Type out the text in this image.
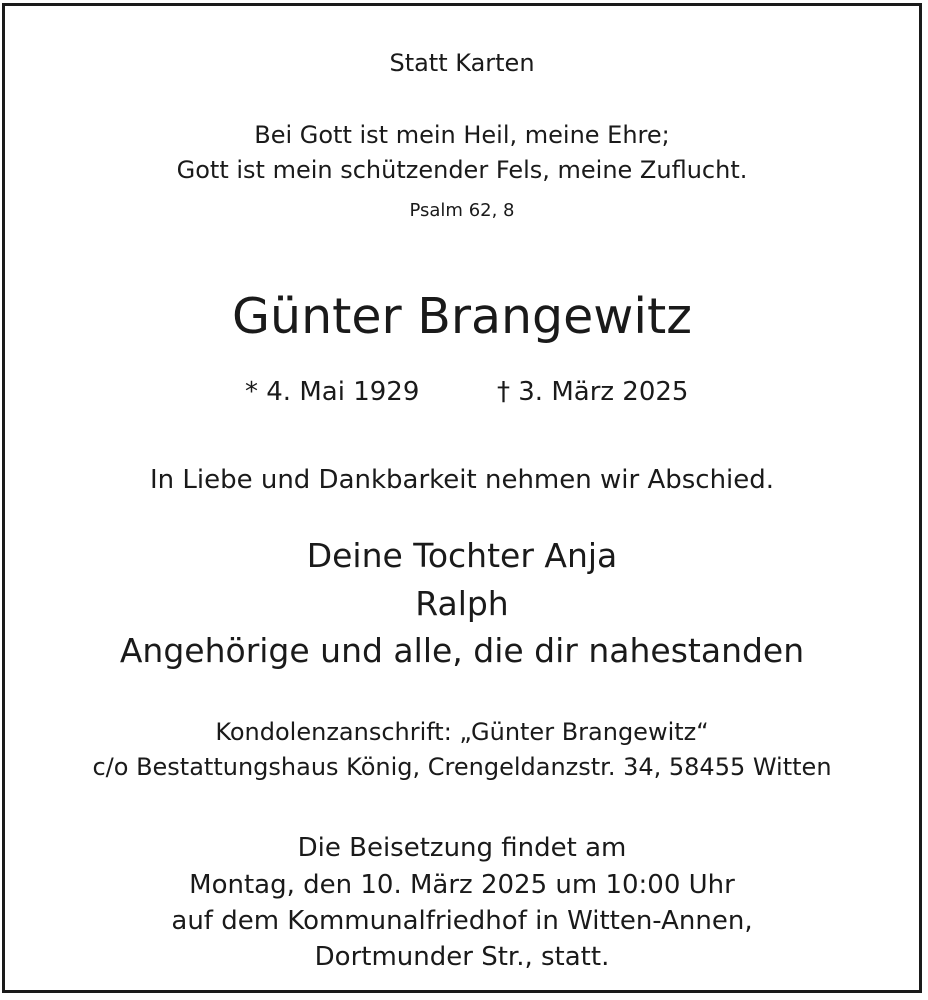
Statt Karten
Bei Gott ist mein Heil, meine Ehre;
Gott ist mein schützender Fels, meine Zuflucht.
Psalm 62, 8
Günter Brangewitz
* 4. Mai 1929	† 3. März 2025
In Liebe und Dankbarkeit nehmen wir Abschied.
Deine Tochter Anja
Ralph
Angehörige und alle, die dir nahestanden
Kondolenzanschrift: „Günter Brangewitz“
c/o Bestattungshaus König, Crengeldanzstr. 34, 58455 Witten
Die Beisetzung findet am
Montag, den 10. März 2025 um 10:00 Uhr
auf dem Kommunalfriedhof in Witten-Annen,
Dortmunder Str., statt.
